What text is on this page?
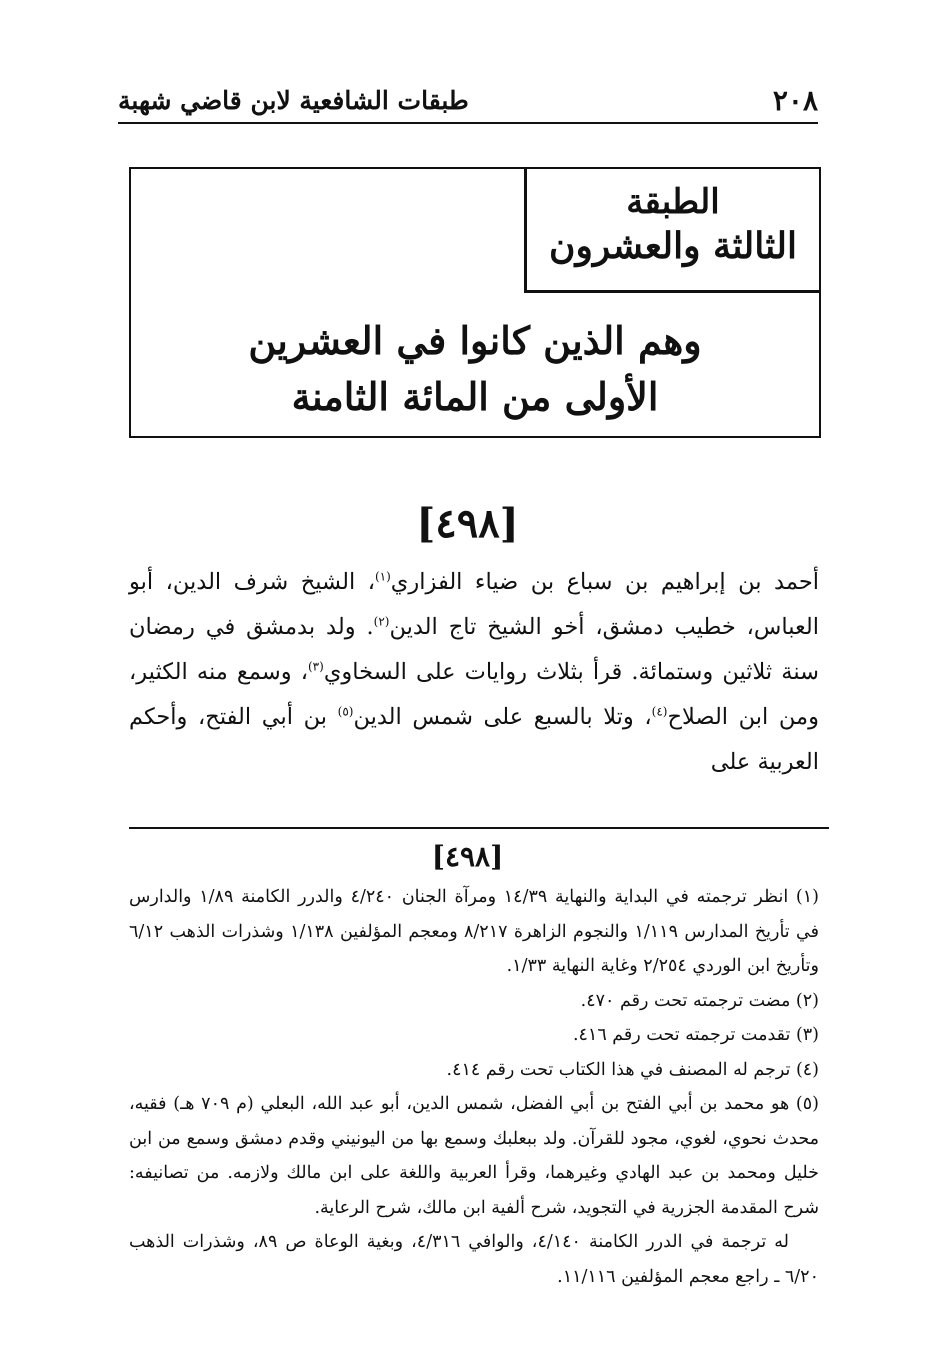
٢٠٨
طبقات الشافعية لابن قاضي شهبة
الطبقة
الثالثة والعشرون
وهم الذين كانوا في العشرين
الأولى من المائة الثامنة
[٤٩٨]
أحمد بن إبراهيم بن سباع بن ضياء الفزاري$^{(١)}$، الشيخ شرف الدين، أبو العباس، خطيب دمشق، أخو الشيخ تاج الدين$^{(٢)}$. ولد بدمشق في رمضان سنة ثلاثين وستمائة. قرأ بثلاث روايات على السخاوي$^{(٣)}$، وسمع منه الكثير، ومن ابن الصلاح$^{(٤)}$، وتلا بالسبع على شمس الدين$^{(٥)}$ بن أبي الفتح، وأحكم العربية على
[٤٩٨]

(١) انظر ترجمته في البداية والنهاية ١٤/٣٩ ومرآة الجنان ٤/٢٤٠ والدرر الكامنة ١/٨٩ والدارس في تأريخ المدارس ١/١١٩ والنجوم الزاهرة ٨/٢١٧ ومعجم المؤلفين ١/١٣٨ وشذرات الذهب ٦/١٢ وتأريخ ابن الوردي ٢/٢٥٤ وغاية النهاية ١/٣٣.

(٢) مضت ترجمته تحت رقم ٤٧٠.

(٣) تقدمت ترجمته تحت رقم ٤١٦.

(٤) ترجم له المصنف في هذا الكتاب تحت رقم ٤١٤.

(٥) هو محمد بن أبي الفتح بن أبي الفضل، شمس الدين، أبو عبد الله، البعلي (م ٧٠٩ هـ) فقيه، محدث نحوي، لغوي، مجود للقرآن. ولد ببعلبك وسمع بها من اليونيني وقدم دمشق وسمع من ابن خليل ومحمد بن عبد الهادي وغيرهما، وقرأ العربية واللغة على ابن مالك ولازمه. من تصانيفه: شرح المقدمة الجزرية في التجويد، شرح ألفية ابن مالك، شرح الرعاية.

له ترجمة في الدرر الكامنة ٤/١٤٠، والوافي ٤/٣١٦، وبغية الوعاة ص ٨٩، وشذرات الذهب ٦/٢٠ ـ راجع معجم المؤلفين ١١/١١٦.
